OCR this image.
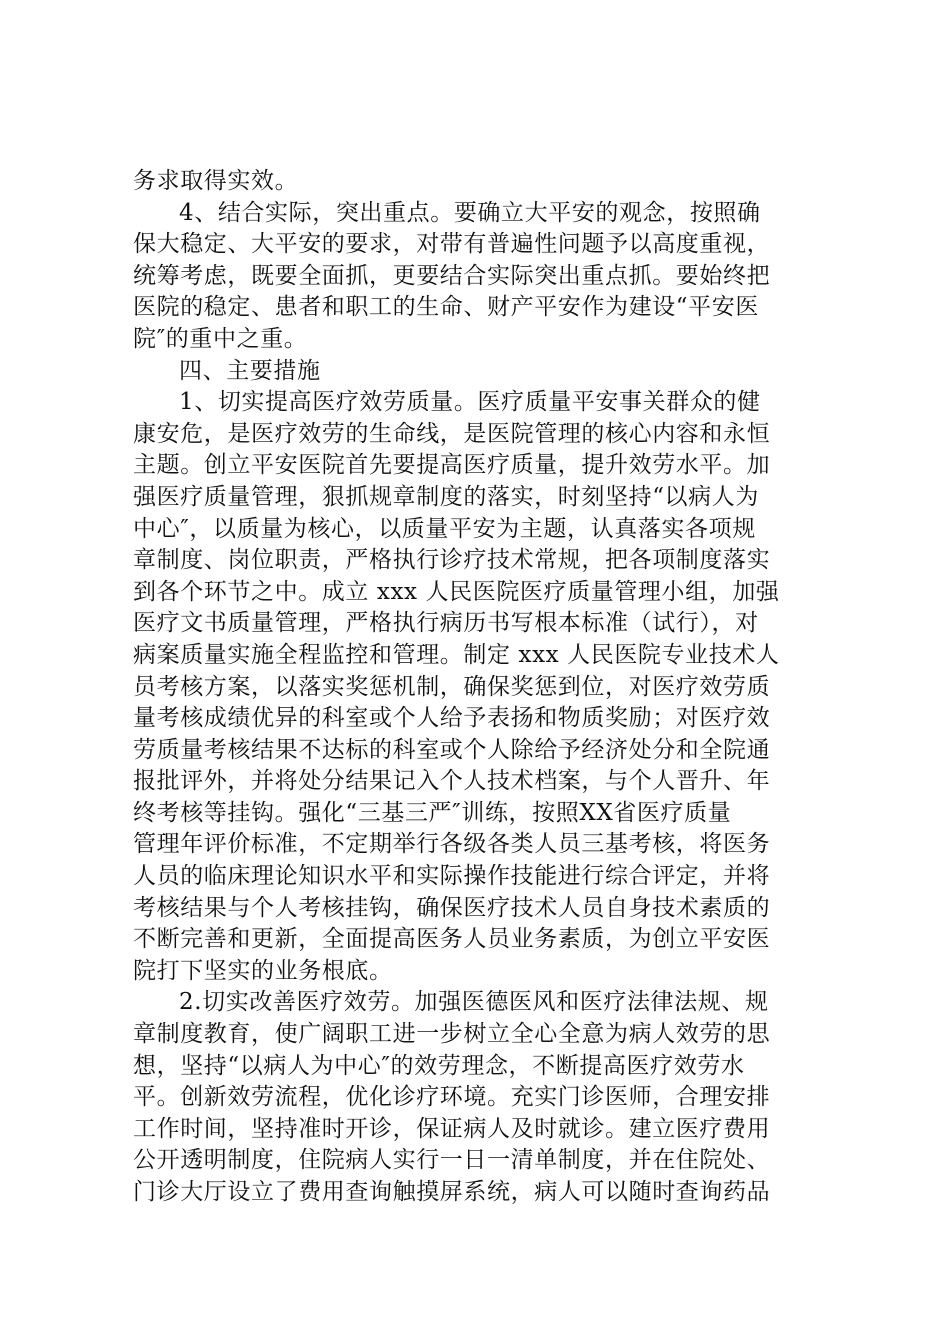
务求取得实效。
4、结合实际，突出重点。要确立大平安的观念，按照确
保大稳定、大平安的要求，对带有普遍性问题予以高度重视，
统筹考虑，既要全面抓，更要结合实际突出重点抓。要始终把
医院的稳定、患者和职工的生命、财产平安作为建设“平安医
院″的重中之重。
四、主要措施
1、切实提高医疗效劳质量。医疗质量平安事关群众的健
康安危，是医疗效劳的生命线，是医院管理的核心内容和永恒
主题。创立平安医院首先要提高医疗质量，提升效劳水平。加
强医疗质量管理，狠抓规章制度的落实，时刻坚持“以病人为
中心″，以质量为核心，以质量平安为主题，认真落实各项规
章制度、岗位职责，严格执行诊疗技术常规，把各项制度落实
到各个环节之中。成立 xxx 人民医院医疗质量管理小组，加强
医疗文书质量管理，严格执行病历书写根本标准（试行），对
病案质量实施全程监控和管理。制定 xxx 人民医院专业技术人
员考核方案，以落实奖惩机制，确保奖惩到位，对医疗效劳质
量考核成绩优异的科室或个人给予表扬和物质奖励；对医疗效
劳质量考核结果不达标的科室或个人除给予经济处分和全院通
报批评外，并将处分结果记入个人技术档案，与个人晋升、年
终考核等挂钩。强化“三基三严″训练，按照XX省医疗质量
管理年评价标准，不定期举行各级各类人员三基考核，将医务
人员的临床理论知识水平和实际操作技能进行综合评定，并将
考核结果与个人考核挂钩，确保医疗技术人员自身技术素质的
不断完善和更新，全面提高医务人员业务素质，为创立平安医
院打下坚实的业务根底。
2.切实改善医疗效劳。加强医德医风和医疗法律法规、规
章制度教育，使广阔职工进一步树立全心全意为病人效劳的思
想，坚持“以病人为中心″的效劳理念，不断提高医疗效劳水
平。创新效劳流程，优化诊疗环境。充实门诊医师，合理安排
工作时间，坚持准时开诊，保证病人及时就诊。建立医疗费用
公开透明制度，住院病人实行一日一清单制度，并在住院处、
门诊大厅设立了费用查询触摸屏系统，病人可以随时查询药品
